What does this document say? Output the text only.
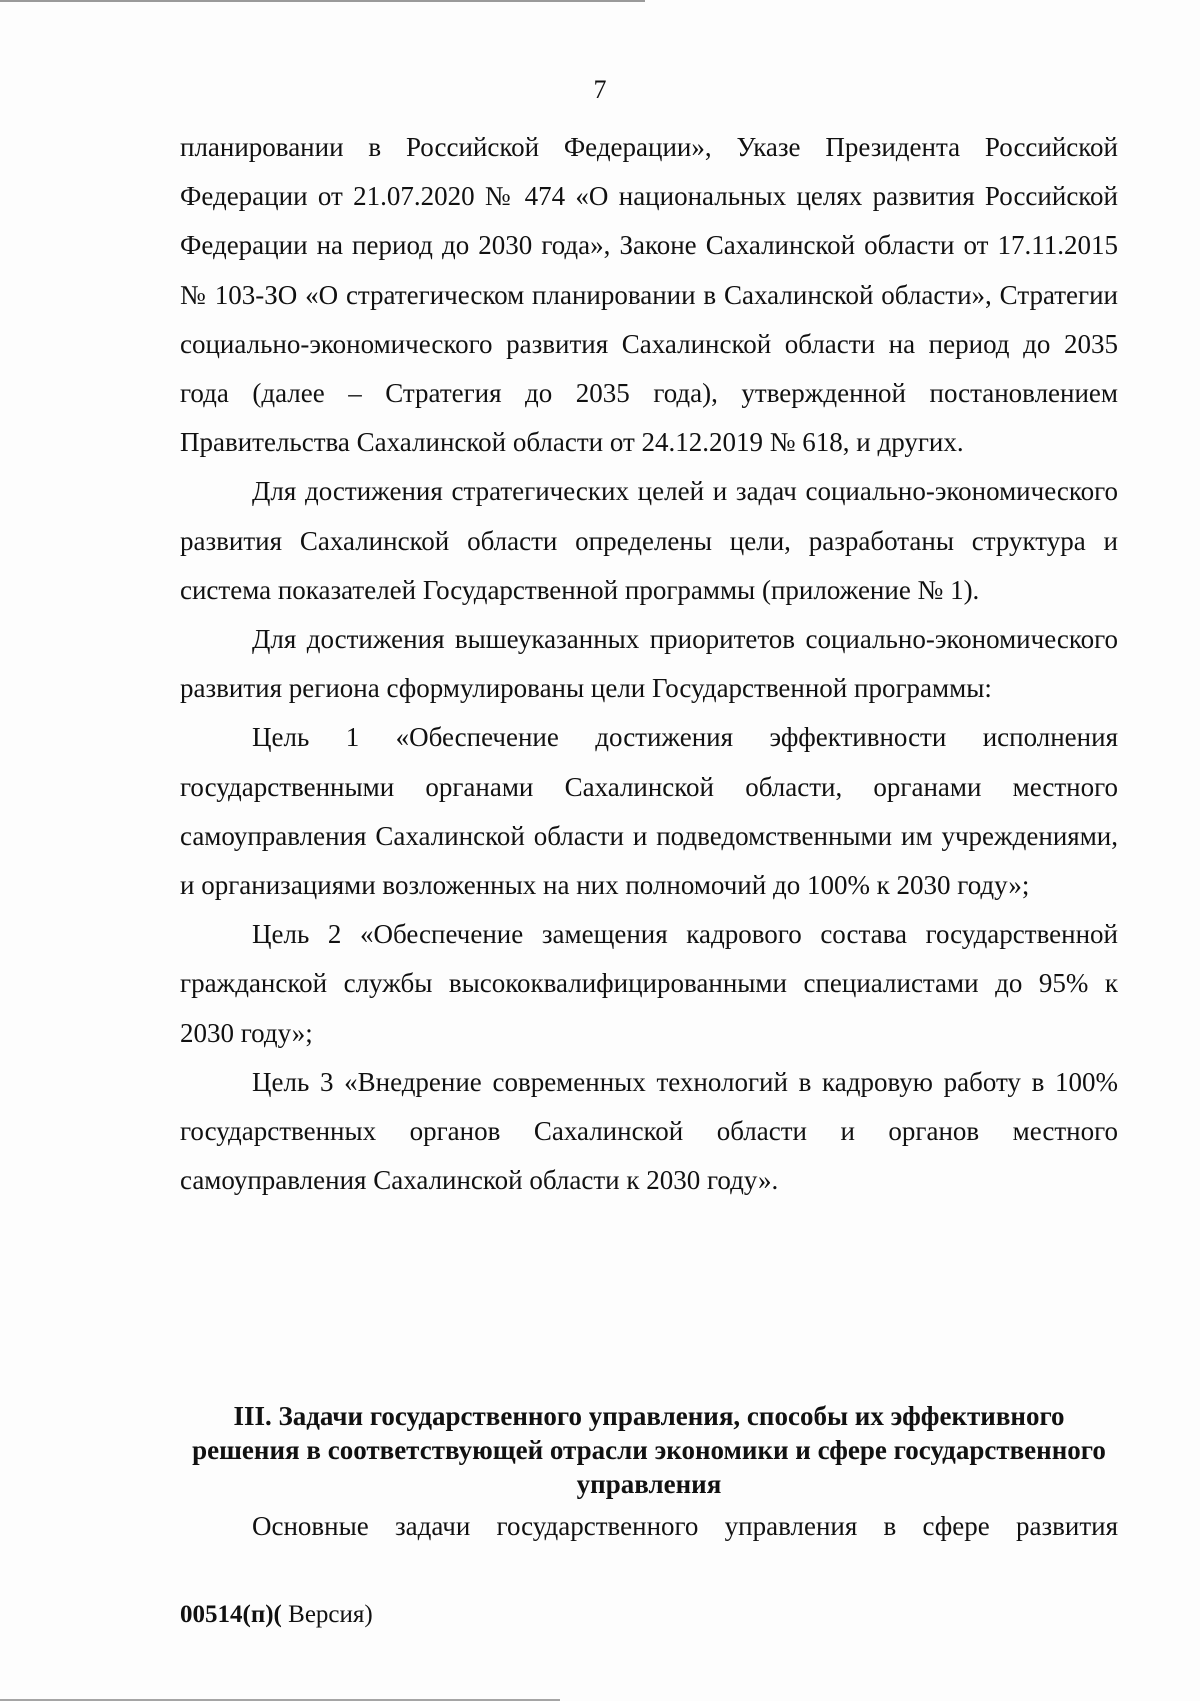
7

планировании в Российской Федерации», Указе Президента Российской Федерации от 21.07.2020 № 474 «О национальных целях развития Российской Федерации на период до 2030 года», Законе Сахалинской области от 17.11.2015 № 103-ЗО «О стратегическом планировании в Сахалинской области», Стратегии социально-экономического развития Сахалинской области на период до 2035 года (далее – Стратегия до 2035 года), утвержденной постановлением Правительства Сахалинской области от 24.12.2019 № 618, и других.

Для достижения стратегических целей и задач социально-экономического развития Сахалинской области определены цели, разработаны структура и система показателей Государственной программы (приложение № 1).

Для достижения вышеуказанных приоритетов социально-экономического развития региона сформулированы цели Государственной программы:

Цель 1 «Обеспечение достижения эффективности исполнения государственными органами Сахалинской области, органами местного самоуправления Сахалинской области и подведомственными им учреждениями, и организациями возложенных на них полномочий до 100% к 2030 году»;

Цель 2 «Обеспечение замещения кадрового состава государственной гражданской службы высококвалифицированными специалистами до 95% к 2030 году»;

Цель 3 «Внедрение современных технологий в кадровую работу в 100% государственных органов Сахалинской области и органов местного самоуправления Сахалинской области к 2030 году».

III. Задачи государственного управления, способы их эффективного решения в соответствующей отрасли экономики и сфере государственного управления

Основные задачи государственного управления в сфере развития

00514(п)( Версия)
